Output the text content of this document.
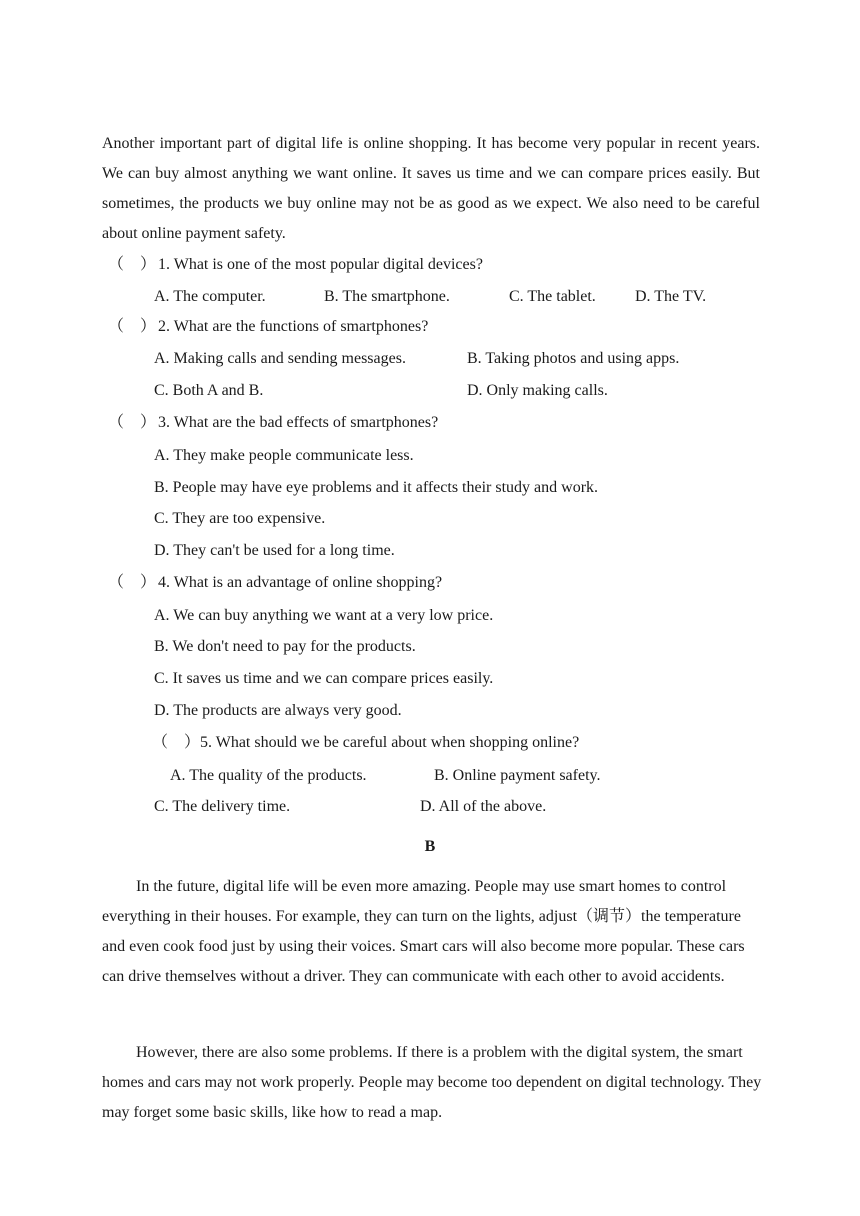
Another important part of digital life is online shopping. It has become very popular in recent years. We can buy almost anything we want online. It saves us time and we can compare prices easily. But sometimes, the products we buy online may not be as good as we expect. We also need to be careful about online payment safety.

（　） 1. What is one of the most popular digital devices?
A. The computer.	B. The smartphone.	C. The tablet. D. The TV.
（　） 2. What are the functions of smartphones?
A. Making calls and sending messages.	B. Taking photos and using apps.
C. Both A and B.	D. Only making calls.
（　） 3. What are the bad effects of smartphones?
A. They make people communicate less.
B. People may have eye problems and it affects their study and work.
C. They are too expensive.
D. They can't be used for a long time.
（　） 4. What is an advantage of online shopping?
A. We can buy anything we want at a very low price.
B. We don't need to pay for the products.
C. It saves us time and we can compare prices easily.
D. The products are always very good.
（　）5. What should we be careful about when shopping online?
A. The quality of the products.	B. Online payment safety.
C. The delivery time.	D. All of the above.
B

In the future, digital life will be even more amazing. People may use smart homes to control everything in their houses. For example, they can turn on the lights, adjust（调节）the temperature and even cook food just by using their voices. Smart cars will also become more popular. These cars can drive themselves without a driver. They can communicate with each other to avoid accidents.

However, there are also some problems. If there is a problem with the digital system, the smart homes and cars may not work properly. People may become too dependent on digital technology. They may forget some basic skills, like how to read a map.
